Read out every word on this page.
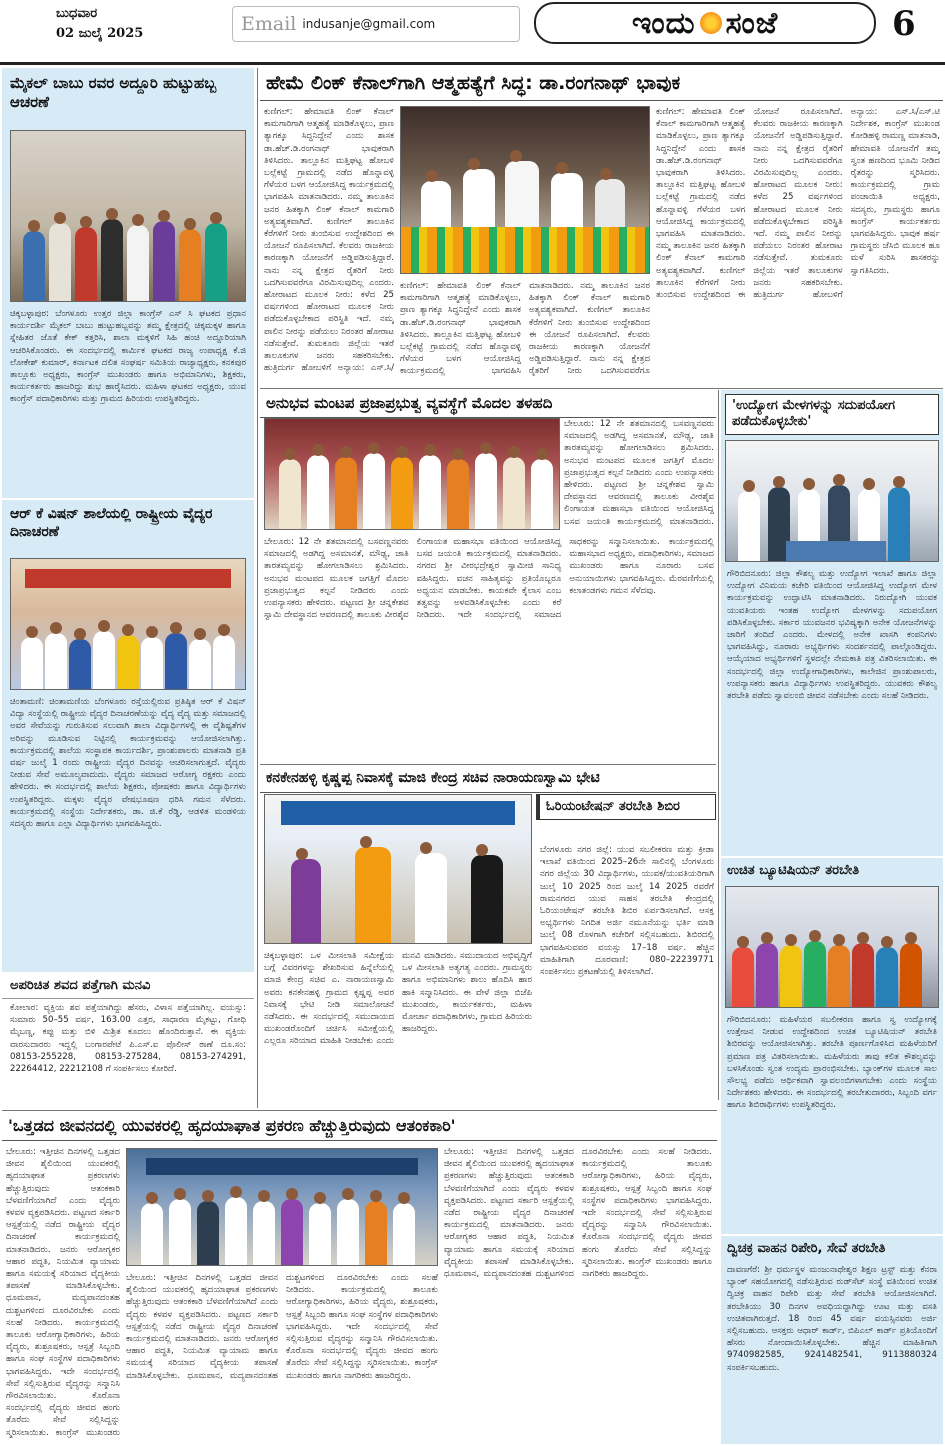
ಬುಧವಾರ
02 ಜುಲೈ 2025	Email indusanje@gmail.com	ಇಂದು ಸಂಜೆ	6
ಮೈಕಲ್ ಬಾಬು ರವರ ಅದ್ದೂರಿ ಹುಟ್ಟುಹಬ್ಬ ಆಚರಣೆ
ಚಿಕ್ಕಬಳ್ಳಾಪುರ: ಬೆಂಗಳೂರು ಉತ್ತರ ಜಿಲ್ಲಾ ಕಾಂಗ್ರೆಸ್ ಎಸ್ ಸಿ ಘಟಕದ ಪ್ರಧಾನ ಕಾರ್ಯದರ್ಶಿ ಮೈಕಲ್ ಬಾಬು ಹುಟ್ಟುಹಬ್ಬವನ್ನು ತಮ್ಮ ಕ್ಷೇತ್ರದಲ್ಲಿ ಚಿಕ್ಕಮಕ್ಕಳ ಹಾಗೂ ಸ್ನೇಹಿತರ ಜೊತೆ ಕೇಕ್ ಕತ್ತರಿಸಿ, ಶಾಲಾ ಮಕ್ಕಳಿಗೆ ಸಿಹಿ ಹಂಚಿ ಅದ್ದೂರಿಯಾಗಿ ಆಚರಿಸಿಕೊಂಡರು. ಈ ಸಂದರ್ಭದಲ್ಲಿ ಕಾರ್ಮಿಕ ಘಟಕದ ರಾಜ್ಯ ಉಪಾಧ್ಯಕ್ಷ ಕೆ.ಜಿ ಲೋಕೇಶ್ ಕುಮಾರ್, ಕರ್ನಾಟಕ ದಲಿತ ಸಂಘರ್ಷ ಸಮಿತಿಯ ರಾಜ್ಯಾಧ್ಯಕ್ಷರು, ಕನಕಪುರ ತಾಲ್ಲೂಕು ಅಧ್ಯಕ್ಷರು, ಕಾಂಗ್ರೆಸ್ ಮುಖಂಡರು ಹಾಗೂ ಅಭಿಮಾನಿಗಳು, ಶಿಕ್ಷಕರು, ಕಾರ್ಯಕರ್ತರು ಹಾಜರಿದ್ದು ಶುಭ ಹಾರೈಸಿದರು. ಮಹಿಳಾ ಘಟಕದ ಅಧ್ಯಕ್ಷರು, ಯುವ ಕಾಂಗ್ರೆಸ್ ಪದಾಧಿಕಾರಿಗಳು ಮತ್ತು ಗ್ರಾಮದ ಹಿರಿಯರು ಉಪಸ್ಥಿತರಿದ್ದರು.
ಆರ್ ಕೆ ವಿಷನ್ ಶಾಲೆಯಲ್ಲಿ ರಾಷ್ಟ್ರೀಯ ವೈದ್ಯರ ದಿನಾಚರಣೆ
ಚಿಂತಾಮಣಿ: ಚಿಂತಾಮಣಿಯ ಬೆಂಗಳೂರು ರಸ್ತೆಯಲ್ಲಿರುವ ಪ್ರತಿಷ್ಠಿತ ಆರ್ ಕೆ ವಿಷನ್ ವಿದ್ಯಾ ಸಂಸ್ಥೆಯಲ್ಲಿ ರಾಷ್ಟ್ರೀಯ ವೈದ್ಯರ ದಿನಾಚರಣೆಯನ್ನು ವೈದ್ಯ ವೈದ್ಯ ಮತ್ತು ಸಮಾಜದಲ್ಲಿ ಅವರ ಸೇವೆಯನ್ನು ಗುರುತಿಸುವ ಸಲುವಾಗಿ ಶಾಲಾ ವಿದ್ಯಾರ್ಥಿಗಳಲ್ಲಿ ಈ ವೈಶಿಷ್ಟತೆಗಳ ಅರಿವನ್ನು ಮೂಡಿಸುವ ನಿಟ್ಟಿನಲ್ಲಿ ಕಾರ್ಯಕ್ರಮವನ್ನು ಆಯೋಜಿಸಲಾಗಿತ್ತು. ಕಾರ್ಯಕ್ರಮದಲ್ಲಿ ಶಾಲೆಯ ಸಂಸ್ಥಾಪಕ ಕಾರ್ಯದರ್ಶಿ, ಪ್ರಾಂಶುಪಾಲರು ಮಾತನಾಡಿ ಪ್ರತಿ ವರ್ಷ ಜುಲೈ 1 ರಂದು ರಾಷ್ಟ್ರೀಯ ವೈದ್ಯರ ದಿನವನ್ನು ಆಚರಿಸಲಾಗುತ್ತದೆ. ವೈದ್ಯರು ನೀಡುವ ಸೇವೆ ಅಮೂಲ್ಯವಾದುದು. ವೈದ್ಯರು ಸಮಾಜದ ಆರೋಗ್ಯ ರಕ್ಷಕರು ಎಂದು ಹೇಳಿದರು. ಈ ಸಂದರ್ಭದಲ್ಲಿ ಶಾಲೆಯ ಶಿಕ್ಷಕರು, ಪೋಷಕರು ಹಾಗೂ ವಿದ್ಯಾರ್ಥಿಗಳು ಉಪಸ್ಥಿತರಿದ್ದರು. ಮಕ್ಕಳು ವೈದ್ಯರ ವೇಷಭೂಷಣ ಧರಿಸಿ ಗಮನ ಸೆಳೆದರು. ಕಾರ್ಯಕ್ರಮದಲ್ಲಿ ಸಂಸ್ಥೆಯ ನಿರ್ದೇಶಕರು, ಡಾ. ಜಿ.ಕೆ ರೆಡ್ಡಿ, ಆಡಳಿತ ಮಂಡಳಿಯ ಸದಸ್ಯರು ಹಾಗೂ ಎಲ್ಲಾ ವಿದ್ಯಾರ್ಥಿಗಳು ಭಾಗವಹಿಸಿದ್ದರು.
ಅಪರಿಚಿತ ಶವದ ಪತ್ತೆಗಾಗಿ ಮನವಿ
ಕೋಲಾರ: ವ್ಯಕ್ತಿಯ ಶವ ಪತ್ತೆಯಾಗಿದ್ದು ಹೆಸರು, ವಿಳಾಸ ಪತ್ತೆಯಾಗಿಲ್ಲ. ವಯಸ್ಸು: ಸುಮಾರು 50–55 ವರ್ಷ, 163.00 ಎತ್ತರ, ಸಾಧಾರಣ ಮೈಕಟ್ಟು, ಗೋಧಿ ಮೈಬಣ್ಣ, ಕಪ್ಪು ಮತ್ತು ಬಿಳಿ ಮಿಶ್ರಿತ ಕೂದಲು ಹೊಂದಿರುತ್ತಾನೆ. ಈ ವ್ಯಕ್ತಿಯ ವಾರಸುದಾರರು ಇದ್ದಲ್ಲಿ ಬಂಗಾರಪೇಟೆ ಪಿ.ಎಸ್.ಐ ಪೊಲೀಸ್ ಠಾಣೆ ದೂ.ಸಂ: 08153-255228, 08153-275284, 08153-274291, 22264412, 22212108 ಗೆ ಸಂಪರ್ಕಿಸಲು ಕೋರಿದೆ.
ಹೇಮೆ ಲಿಂಕ್ ಕೆನಾಲ್‌ಗಾಗಿ ಆತ್ಮಹತ್ಯೆಗೆ ಸಿದ್ಧ: ಡಾ.ರಂಗನಾಥ್ ಭಾವುಕ
ಕುಣಿಗಲ್: ಹೇಮಾವತಿ ಲಿಂಕ್ ಕೆನಾಲ್ ಕಾಮಗಾರಿಗಾಗಿ ಆತ್ಮಹತ್ಯೆ ಮಾಡಿಕೊಳ್ಳಲು, ಪ್ರಾಣ ತ್ಯಾಗಕ್ಕೂ ಸಿದ್ಧನಿದ್ದೇನೆ ಎಂದು ಶಾಸಕ ಡಾ.ಹೆಚ್.ಡಿ.ರಂಗನಾಥ್ ಭಾವುಕರಾಗಿ ತಿಳಿಸಿದರು. ತಾಲ್ಲೂಕಿನ ಮತ್ತಿಘಟ್ಟ ಹೋಬಳಿ ಬಲ್ಲೆಕಟ್ಟೆ ಗ್ರಾಮದಲ್ಲಿ ನಡೆದ ಹೊನ್ನಾವಳ್ಳಿ ಗೆಳೆಯರ ಬಳಗ ಆಯೋಜಿಸಿದ್ದ ಕಾರ್ಯಕ್ರಮದಲ್ಲಿ ಭಾಗವಹಿಸಿ ಮಾತನಾಡಿದರು. ನಮ್ಮ ತಾಲೂಕಿನ ಜನರ ಹಿತಕ್ಕಾಗಿ ಲಿಂಕ್ ಕೆನಾಲ್ ಕಾಮಗಾರಿ ಅತ್ಯವಶ್ಯಕವಾಗಿದೆ. ಕುಣಿಗಲ್ ತಾಲೂಕಿನ ಕೆರೆಗಳಿಗೆ ನೀರು ತುಂಬಿಸುವ ಉದ್ದೇಶದಿಂದ ಈ ಯೋಜನೆ ರೂಪಿಸಲಾಗಿದೆ. ಕೆಲವರು ರಾಜಕೀಯ ಕಾರಣಕ್ಕಾಗಿ ಯೋಜನೆಗೆ ಅಡ್ಡಿಪಡಿಸುತ್ತಿದ್ದಾರೆ. ನಾನು ನನ್ನ ಕ್ಷೇತ್ರದ ರೈತರಿಗೆ ನೀರು ಒದಗಿಸುವವರೆಗೂ ವಿರಮಿಸುವುದಿಲ್ಲ ಎಂದರು. ಹೋರಾಟದ ಮೂಲಕ ನೀರು: ಕಳೆದ 25 ವರ್ಷಗಳಿಂದ ಹೋರಾಟದ ಮೂಲಕ ನೀರು ಪಡೆದುಕೊಳ್ಳಬೇಕಾದ ಪರಿಸ್ಥಿತಿ ಇದೆ. ನಮ್ಮ ಪಾಲಿನ ನೀರನ್ನು ಪಡೆಯಲು ನಿರಂತರ ಹೋರಾಟ ನಡೆಸುತ್ತೇವೆ. ತುಮಕೂರು ಜಿಲ್ಲೆಯ ಇತರೆ ತಾಲೂಕುಗಳ ಜನರು ಸಹಕರಿಸಬೇಕು. ಹುತ್ರಿದುರ್ಗ ಹೋಬಳಿಗೆ ಅನ್ಯಾಯ: ಎಸ್.ಸಿ/
ಕುಣಿಗಲ್: ಹೇಮಾವತಿ ಲಿಂಕ್ ಕೆನಾಲ್ ಕಾಮಗಾರಿಗಾಗಿ ಆತ್ಮಹತ್ಯೆ ಮಾಡಿಕೊಳ್ಳಲು, ಪ್ರಾಣ ತ್ಯಾಗಕ್ಕೂ ಸಿದ್ಧನಿದ್ದೇನೆ ಎಂದು ಶಾಸಕ ಡಾ.ಹೆಚ್.ಡಿ.ರಂಗನಾಥ್ ಭಾವುಕರಾಗಿ ತಿಳಿಸಿದರು. ತಾಲ್ಲೂಕಿನ ಮತ್ತಿಘಟ್ಟ ಹೋಬಳಿ ಬಲ್ಲೆಕಟ್ಟೆ ಗ್ರಾಮದಲ್ಲಿ ನಡೆದ ಹೊನ್ನಾವಳ್ಳಿ ಗೆಳೆಯರ ಬಳಗ ಆಯೋಜಿಸಿದ್ದ ಕಾರ್ಯಕ್ರಮದಲ್ಲಿ ಭಾಗವಹಿಸಿ ಮಾತನಾಡಿದರು. ನಮ್ಮ ತಾಲೂಕಿನ ಜನರ ಹಿತಕ್ಕಾಗಿ ಲಿಂಕ್ ಕೆನಾಲ್ ಕಾಮಗಾರಿ ಅತ್ಯವಶ್ಯಕವಾಗಿದೆ. ಕುಣಿಗಲ್ ತಾಲೂಕಿನ ಕೆರೆಗಳಿಗೆ ನೀರು ತುಂಬಿಸುವ ಉದ್ದೇಶದಿಂದ ಈ ಯೋಜನೆ ರೂಪಿಸಲಾಗಿದೆ. ಕೆಲವರು ರಾಜಕೀಯ ಕಾರಣಕ್ಕಾಗಿ ಯೋಜನೆಗೆ ಅಡ್ಡಿಪಡಿಸುತ್ತಿದ್ದಾರೆ. ನಾನು ನನ್ನ ಕ್ಷೇತ್ರದ ರೈತರಿಗೆ ನೀರು ಒದಗಿಸುವವರೆಗೂ ವಿರಮಿಸುವುದಿಲ್ಲ ಎಂದರು. ಹೋರಾಟದ ಮೂಲಕ ನೀರು: ಕಳೆದ 25 ವರ್ಷಗಳಿಂದ ಹೋರಾಟದ ಮೂಲಕ ನೀರು ಪಡೆದುಕೊಳ್ಳಬೇಕಾದ ಪರಿಸ್ಥಿತಿ ಇದೆ. ನಮ್ಮ ಪಾಲಿನ ನೀರನ್ನು ಪಡೆಯಲು ನಿರಂತರ ಹೋರಾಟ ನಡೆಸುತ್ತೇವೆ. ತುಮಕೂರು ಜಿಲ್ಲೆಯ ಇತರೆ ತಾಲೂಕುಗಳ ಜನರು ಸಹಕರಿಸಬೇಕು. ಹುತ್ರಿದುರ್ಗ ಹೋಬಳಿಗೆ ಅನ್ಯಾಯ: ಎಸ್.ಸಿ/ಎಸ್.ಟಿ ನಿರ್ದೇಶಕ, ಕಾಂಗ್ರೆಸ್ ಮುಖಂಡ ಕೋಡಿಹಳ್ಳಿ ರಾಮಣ್ಣ ಮಾತನಾಡಿ, ಹೇಮಾವತಿ ಯೋಜನೆಗೆ ತಮ್ಮ ಸ್ವಂತ ಹಣದಿಂದ ಭೂಮಿ ನೀಡಿದ ರೈತರನ್ನು ಸ್ಮರಿಸಿದರು. ಕಾರ್ಯಕ್ರಮದಲ್ಲಿ ಗ್ರಾಮ ಪಂಚಾಯಿತಿ ಅಧ್ಯಕ್ಷರು, ಸದಸ್ಯರು, ಗ್ರಾಮಸ್ಥರು ಹಾಗೂ ಕಾಂಗ್ರೆಸ್ ಕಾರ್ಯಕರ್ತರು ಭಾಗವಹಿಸಿದ್ದರು. ಭಾವುಕ ಹರ್ಷ ಗ್ರಾಮಸ್ಥರು ಜೆಸಿಬಿ ಮೂಲಕ ಹೂ ಮಳೆ ಸುರಿಸಿ ಶಾಸಕರನ್ನು ಸ್ವಾಗತಿಸಿದರು.
ಕುಣಿಗಲ್: ಹೇಮಾವತಿ ಲಿಂಕ್ ಕೆನಾಲ್ ಕಾಮಗಾರಿಗಾಗಿ ಆತ್ಮಹತ್ಯೆ ಮಾಡಿಕೊಳ್ಳಲು, ಪ್ರಾಣ ತ್ಯಾಗಕ್ಕೂ ಸಿದ್ಧನಿದ್ದೇನೆ ಎಂದು ಶಾಸಕ ಡಾ.ಹೆಚ್.ಡಿ.ರಂಗನಾಥ್ ಭಾವುಕರಾಗಿ ತಿಳಿಸಿದರು. ತಾಲ್ಲೂಕಿನ ಮತ್ತಿಘಟ್ಟ ಹೋಬಳಿ ಬಲ್ಲೆಕಟ್ಟೆ ಗ್ರಾಮದಲ್ಲಿ ನಡೆದ ಹೊನ್ನಾವಳ್ಳಿ ಗೆಳೆಯರ ಬಳಗ ಆಯೋಜಿಸಿದ್ದ ಕಾರ್ಯಕ್ರಮದಲ್ಲಿ ಭಾಗವಹಿಸಿ ಮಾತನಾಡಿದರು. ನಮ್ಮ ತಾಲೂಕಿನ ಜನರ ಹಿತಕ್ಕಾಗಿ ಲಿಂಕ್ ಕೆನಾಲ್ ಕಾಮಗಾರಿ ಅತ್ಯವಶ್ಯಕವಾಗಿದೆ. ಕುಣಿಗಲ್ ತಾಲೂಕಿನ ಕೆರೆಗಳಿಗೆ ನೀರು ತುಂಬಿಸುವ ಉದ್ದೇಶದಿಂದ ಈ ಯೋಜನೆ ರೂಪಿಸಲಾಗಿದೆ. ಕೆಲವರು ರಾಜಕೀಯ ಕಾರಣಕ್ಕಾಗಿ ಯೋಜನೆಗೆ ಅಡ್ಡಿಪಡಿಸುತ್ತಿದ್ದಾರೆ. ನಾನು ನನ್ನ ಕ್ಷೇತ್ರದ ರೈತರಿಗೆ ನೀರು ಒದಗಿಸುವವರೆಗೂ
ಅನುಭವ ಮಂಟಪ ಪ್ರಜಾಪ್ರಭುತ್ವ ವ್ಯವಸ್ಥೆಗೆ ಮೊದಲ ತಳಹದಿ
ಬೇಲೂರು: 12 ನೇ ಶತಮಾನದಲ್ಲಿ ಬಸವಣ್ಣನವರು ಸಮಾಜದಲ್ಲಿ ಅಡಗಿದ್ದ ಅಸಮಾನತೆ, ಮೌಢ್ಯ, ಜಾತಿ ತಾರತಮ್ಯವನ್ನು ಹೋಗಲಾಡಿಸಲು ಶ್ರಮಿಸಿದರು. ಅನುಭವ ಮಂಟಪದ ಮೂಲಕ ಜಗತ್ತಿಗೆ ಮೊದಲ ಪ್ರಜಾಪ್ರಭುತ್ವದ ಕಲ್ಪನೆ ನೀಡಿದರು ಎಂದು ಉಪನ್ಯಾಸಕರು ಹೇಳಿದರು. ಪಟ್ಟಣದ ಶ್ರೀ ಚನ್ನಕೇಶವ ಸ್ವಾಮಿ ದೇವಸ್ಥಾನದ ಆವರಣದಲ್ಲಿ ತಾಲೂಕು ವೀರಶೈವ ಲಿಂಗಾಯತ ಮಹಾಸಭಾ ವತಿಯಿಂದ ಆಯೋಜಿಸಿದ್ದ ಬಸವ ಜಯಂತಿ ಕಾರ್ಯಕ್ರಮದಲ್ಲಿ ಮಾತನಾಡಿದರು.
ಬೇಲೂರು: 12 ನೇ ಶತಮಾನದಲ್ಲಿ ಬಸವಣ್ಣನವರು ಸಮಾಜದಲ್ಲಿ ಅಡಗಿದ್ದ ಅಸಮಾನತೆ, ಮೌಢ್ಯ, ಜಾತಿ ತಾರತಮ್ಯವನ್ನು ಹೋಗಲಾಡಿಸಲು ಶ್ರಮಿಸಿದರು. ಅನುಭವ ಮಂಟಪದ ಮೂಲಕ ಜಗತ್ತಿಗೆ ಮೊದಲ ಪ್ರಜಾಪ್ರಭುತ್ವದ ಕಲ್ಪನೆ ನೀಡಿದರು ಎಂದು ಉಪನ್ಯಾಸಕರು ಹೇಳಿದರು. ಪಟ್ಟಣದ ಶ್ರೀ ಚನ್ನಕೇಶವ ಸ್ವಾಮಿ ದೇವಸ್ಥಾನದ ಆವರಣದಲ್ಲಿ ತಾಲೂಕು ವೀರಶೈವ ಲಿಂಗಾಯತ ಮಹಾಸಭಾ ವತಿಯಿಂದ ಆಯೋಜಿಸಿದ್ದ ಬಸವ ಜಯಂತಿ ಕಾರ್ಯಕ್ರಮದಲ್ಲಿ ಮಾತನಾಡಿದರು. ನಗರದ ಶ್ರೀ ವೀರಭದ್ರೇಶ್ವರ ಸ್ವಾಮೀಜಿ ಸಾನಿಧ್ಯ ವಹಿಸಿದ್ದರು. ವಚನ ಸಾಹಿತ್ಯವನ್ನು ಪ್ರತಿಯೊಬ್ಬರೂ ಅಧ್ಯಯನ ಮಾಡಬೇಕು. ಕಾಯಕವೇ ಕೈಲಾಸ ಎಂಬ ತತ್ವವನ್ನು ಅಳವಡಿಸಿಕೊಳ್ಳಬೇಕು ಎಂದು ಕರೆ ನೀಡಿದರು. ಇದೇ ಸಂದರ್ಭದಲ್ಲಿ ಸಮಾಜದ ಸಾಧಕರನ್ನು ಸನ್ಮಾನಿಸಲಾಯಿತು. ಕಾರ್ಯಕ್ರಮದಲ್ಲಿ ಮಹಾಸಭಾದ ಅಧ್ಯಕ್ಷರು, ಪದಾಧಿಕಾರಿಗಳು, ಸಮಾಜದ ಮುಖಂಡರು ಹಾಗೂ ನೂರಾರು ಬಸವ ಅನುಯಾಯಿಗಳು ಭಾಗವಹಿಸಿದ್ದರು. ಮೆರವಣಿಗೆಯಲ್ಲಿ ಕಲಾತಂಡಗಳು ಗಮನ ಸೆಳೆದವು.
'ಉದ್ಯೋಗ ಮೇಳಗಳನ್ನು ಸದುಪಯೋಗ ಪಡೆದುಕೊಳ್ಳಬೇಕು'
ಗೌರಿಬಿದನೂರು: ಜಿಲ್ಲಾ ಕೌಶಲ್ಯ ಮತ್ತು ಉದ್ಯೋಗ ಇಲಾಖೆ ಹಾಗೂ ಜಿಲ್ಲಾ ಉದ್ಯೋಗ ವಿನಿಮಯ ಕಚೇರಿ ವತಿಯಿಂದ ಆಯೋಜಿಸಿದ್ದ ಉದ್ಯೋಗ ಮೇಳ ಕಾರ್ಯಕ್ರಮವನ್ನು ಉದ್ಘಾಟಿಸಿ ಮಾತನಾಡಿದರು. ನಿರುದ್ಯೋಗಿ ಯುವಕ ಯುವತಿಯರು ಇಂತಹ ಉದ್ಯೋಗ ಮೇಳಗಳನ್ನು ಸದುಪಯೋಗ ಪಡಿಸಿಕೊಳ್ಳಬೇಕು. ಸರ್ಕಾರ ಯುವಜನರ ಭವಿಷ್ಯಕ್ಕಾಗಿ ಅನೇಕ ಯೋಜನೆಗಳನ್ನು ಜಾರಿಗೆ ತಂದಿದೆ ಎಂದರು. ಮೇಳದಲ್ಲಿ ಅನೇಕ ಖಾಸಗಿ ಕಂಪನಿಗಳು ಭಾಗವಹಿಸಿದ್ದು, ನೂರಾರು ಅಭ್ಯರ್ಥಿಗಳು ಸಂದರ್ಶನದಲ್ಲಿ ಪಾಲ್ಗೊಂಡಿದ್ದರು. ಆಯ್ಕೆಯಾದ ಅಭ್ಯರ್ಥಿಗಳಿಗೆ ಸ್ಥಳದಲ್ಲೇ ನೇಮಕಾತಿ ಪತ್ರ ವಿತರಿಸಲಾಯಿತು. ಈ ಸಂದರ್ಭದಲ್ಲಿ ಜಿಲ್ಲಾ ಉದ್ಯೋಗಾಧಿಕಾರಿಗಳು, ಕಾಲೇಜಿನ ಪ್ರಾಂಶುಪಾಲರು, ಉಪನ್ಯಾಸಕರು ಹಾಗೂ ವಿದ್ಯಾರ್ಥಿಗಳು ಉಪಸ್ಥಿತರಿದ್ದರು. ಯುವಕರು ಕೌಶಲ್ಯ ತರಬೇತಿ ಪಡೆದು ಸ್ವಾವಲಂಬಿ ಜೀವನ ನಡೆಸಬೇಕು ಎಂದು ಸಲಹೆ ನೀಡಿದರು.
ಕನಕೇನಹಳ್ಳಿ ಕೃಷ್ಣಪ್ಪ ನಿವಾಸಕ್ಕೆ ಮಾಜಿ ಕೇಂದ್ರ ಸಚಿವ ನಾರಾಯಣಸ್ವಾಮಿ ಭೇಟಿ
ಚಿಕ್ಕಬಳ್ಳಾಪುರ: ಒಳ ಮೀಸಲಾತಿ ಸಮೀಕ್ಷೆಯ ಬಗ್ಗೆ ವಿವರಗಳನ್ನು ಶೇಖರಿಸುವ ಹಿನ್ನೆಲೆಯಲ್ಲಿ ಮಾಜಿ ಕೇಂದ್ರ ಸಚಿವ ಎ. ನಾರಾಯಣಸ್ವಾಮಿ ಅವರು ಕನಕೇನಹಳ್ಳಿ ಗ್ರಾಮದ ಕೃಷ್ಣಪ್ಪ ಅವರ ನಿವಾಸಕ್ಕೆ ಭೇಟಿ ನೀಡಿ ಸಮಾಲೋಚನೆ ನಡೆಸಿದರು. ಈ ಸಂದರ್ಭದಲ್ಲಿ ಸಮುದಾಯದ ಮುಖಂಡರೊಂದಿಗೆ ಚರ್ಚಿಸಿ ಸಮೀಕ್ಷೆಯಲ್ಲಿ ಎಲ್ಲರೂ ಸರಿಯಾದ ಮಾಹಿತಿ ನೀಡಬೇಕು ಎಂದು ಮನವಿ ಮಾಡಿದರು. ಸಮುದಾಯದ ಅಭಿವೃದ್ಧಿಗೆ ಒಳ ಮೀಸಲಾತಿ ಅತ್ಯಗತ್ಯ ಎಂದರು. ಗ್ರಾಮಸ್ಥರು ಹಾಗೂ ಅಭಿಮಾನಿಗಳು ಶಾಲು ಹೊದಿಸಿ ಹಾರ ಹಾಕಿ ಸನ್ಮಾನಿಸಿದರು. ಈ ವೇಳೆ ಜಿಲ್ಲಾ ಬಿಜೆಪಿ ಮುಖಂಡರು, ಕಾರ್ಯಕರ್ತರು, ಮಹಿಳಾ ಮೋರ್ಚಾ ಪದಾಧಿಕಾರಿಗಳು, ಗ್ರಾಮದ ಹಿರಿಯರು ಹಾಜರಿದ್ದರು.
ಓರಿಯಂಟೇಷನ್ ತರಬೇತಿ ಶಿಬಿರ
ಬೆಂಗಳೂರು ನಗರ ಜಿಲ್ಲೆ: ಯುವ ಸಬಲೀಕರಣ ಮತ್ತು ಕ್ರೀಡಾ ಇಲಾಖೆ ವತಿಯಿಂದ 2025–26ನೇ ಸಾಲಿನಲ್ಲಿ ಬೆಂಗಳೂರು ನಗರ ಜಿಲ್ಲೆಯ 30 ವಿದ್ಯಾರ್ಥಿಗಳು, ಯುವಕ/ಯುವತಿಯರಿಗಾಗಿ ಜುಲೈ 10 2025 ರಿಂದ ಜುಲೈ 14 2025 ರವರೆಗೆ ರಾಮನಗರದ ಯುವ ಸಾಹಸ ತರಬೇತಿ ಕೇಂದ್ರದಲ್ಲಿ ಓರಿಯಂಟೇಷನ್ ತರಬೇತಿ ಶಿಬಿರ ಏರ್ಪಡಿಸಲಾಗಿದೆ. ಆಸಕ್ತ ಅಭ್ಯರ್ಥಿಗಳು ನಿಗದಿತ ಅರ್ಜಿ ನಮೂನೆಯನ್ನು ಭರ್ತಿ ಮಾಡಿ ಜುಲೈ 08 ರೊಳಗಾಗಿ ಕಚೇರಿಗೆ ಸಲ್ಲಿಸಬಹುದು. ಶಿಬಿರದಲ್ಲಿ ಭಾಗವಹಿಸುವವರ ವಯಸ್ಸು 17–18 ವರ್ಷ. ಹೆಚ್ಚಿನ ಮಾಹಿತಿಗಾಗಿ ದೂರವಾಣಿ: 080–22239771 ಸಂಪರ್ಕಿಸಲು ಪ್ರಕಟಣೆಯಲ್ಲಿ ತಿಳಿಸಲಾಗಿದೆ.
ಉಚಿತ ಬ್ಯೂಟಿಷಿಯನ್ ತರಬೇತಿ
ಗೌರಿಬಿದನೂರು: ಮಹಿಳೆಯರ ಸಬಲೀಕರಣ ಹಾಗೂ ಸ್ವ ಉದ್ಯೋಗಕ್ಕೆ ಉತ್ತೇಜನ ನೀಡುವ ಉದ್ದೇಶದಿಂದ ಉಚಿತ ಬ್ಯೂಟಿಷಿಯನ್ ತರಬೇತಿ ಶಿಬಿರವನ್ನು ಆಯೋಜಿಸಲಾಗಿತ್ತು. ತರಬೇತಿ ಪೂರ್ಣಗೊಳಿಸಿದ ಮಹಿಳೆಯರಿಗೆ ಪ್ರಮಾಣ ಪತ್ರ ವಿತರಿಸಲಾಯಿತು. ಮಹಿಳೆಯರು ತಾವು ಕಲಿತ ಕೌಶಲ್ಯವನ್ನು ಬಳಸಿಕೊಂಡು ಸ್ವಂತ ಉದ್ಯಮ ಪ್ರಾರಂಭಿಸಬೇಕು. ಬ್ಯಾಂಕ್‌ಗಳ ಮೂಲಕ ಸಾಲ ಸೌಲಭ್ಯ ಪಡೆದು ಆರ್ಥಿಕವಾಗಿ ಸ್ವಾವಲಂಬಿಗಳಾಗಬೇಕು ಎಂದು ಸಂಸ್ಥೆಯ ನಿರ್ದೇಶಕರು ಹೇಳಿದರು. ಈ ಸಂದರ್ಭದಲ್ಲಿ ತರಬೇತುದಾರರು, ಸಿಬ್ಬಂದಿ ವರ್ಗ ಹಾಗೂ ಶಿಬಿರಾರ್ಥಿಗಳು ಉಪಸ್ಥಿತರಿದ್ದರು.
'ಒತ್ತಡದ ಜೀವನದಲ್ಲಿ ಯುವಕರಲ್ಲಿ ಹೃದಯಾಘಾತ ಪ್ರಕರಣ ಹೆಚ್ಚುತ್ತಿರುವುದು ಆತಂಕಕಾರಿ'
ಬೇಲೂರು: ಇತ್ತೀಚಿನ ದಿನಗಳಲ್ಲಿ ಒತ್ತಡದ ಜೀವನ ಶೈಲಿಯಿಂದ ಯುವಕರಲ್ಲಿ ಹೃದಯಾಘಾತ ಪ್ರಕರಣಗಳು ಹೆಚ್ಚುತ್ತಿರುವುದು ಆತಂಕಕಾರಿ ಬೆಳವಣಿಗೆಯಾಗಿದೆ ಎಂದು ವೈದ್ಯರು ಕಳವಳ ವ್ಯಕ್ತಪಡಿಸಿದರು. ಪಟ್ಟಣದ ಸರ್ಕಾರಿ ಆಸ್ಪತ್ರೆಯಲ್ಲಿ ನಡೆದ ರಾಷ್ಟ್ರೀಯ ವೈದ್ಯರ ದಿನಾಚರಣೆ ಕಾರ್ಯಕ್ರಮದಲ್ಲಿ ಮಾತನಾಡಿದರು. ಜನರು ಆರೋಗ್ಯಕರ ಆಹಾರ ಪದ್ಧತಿ, ನಿಯಮಿತ ವ್ಯಾಯಾಮ ಹಾಗೂ ಸಮಯಕ್ಕೆ ಸರಿಯಾದ ವೈದ್ಯಕೀಯ ತಪಾಸಣೆ ಮಾಡಿಸಿಕೊಳ್ಳಬೇಕು. ಧೂಮಪಾನ, ಮದ್ಯಪಾನದಂತಹ ದುಶ್ಚಟಗಳಿಂದ ದೂರವಿರಬೇಕು ಎಂದು ಸಲಹೆ ನೀಡಿದರು. ಕಾರ್ಯಕ್ರಮದಲ್ಲಿ ತಾಲೂಕು ಆರೋಗ್ಯಾಧಿಕಾರಿಗಳು, ಹಿರಿಯ ವೈದ್ಯರು, ಶುಶ್ರೂಷಕರು, ಆಸ್ಪತ್ರೆ ಸಿಬ್ಬಂದಿ ಹಾಗೂ ಸಂಘ ಸಂಸ್ಥೆಗಳ ಪದಾಧಿಕಾರಿಗಳು ಭಾಗವಹಿಸಿದ್ದರು. ಇದೇ ಸಂದರ್ಭದಲ್ಲಿ ಸೇವೆ ಸಲ್ಲಿಸುತ್ತಿರುವ ವೈದ್ಯರನ್ನು ಸನ್ಮಾನಿಸಿ ಗೌರವಿಸಲಾಯಿತು. ಕೊರೊನಾ ಸಂದರ್ಭದಲ್ಲಿ ವೈದ್ಯರು ಜೀವದ ಹಂಗು ತೊರೆದು ಸೇವೆ ಸಲ್ಲಿಸಿದ್ದನ್ನು ಸ್ಮರಿಸಲಾಯಿತು. ಕಾಂಗ್ರೆಸ್ ಮುಖಂಡರು
ಬೇಲೂರು: ಇತ್ತೀಚಿನ ದಿನಗಳಲ್ಲಿ ಒತ್ತಡದ ಜೀವನ ಶೈಲಿಯಿಂದ ಯುವಕರಲ್ಲಿ ಹೃದಯಾಘಾತ ಪ್ರಕರಣಗಳು ಹೆಚ್ಚುತ್ತಿರುವುದು ಆತಂಕಕಾರಿ ಬೆಳವಣಿಗೆಯಾಗಿದೆ ಎಂದು ವೈದ್ಯರು ಕಳವಳ ವ್ಯಕ್ತಪಡಿಸಿದರು. ಪಟ್ಟಣದ ಸರ್ಕಾರಿ ಆಸ್ಪತ್ರೆಯಲ್ಲಿ ನಡೆದ ರಾಷ್ಟ್ರೀಯ ವೈದ್ಯರ ದಿನಾಚರಣೆ ಕಾರ್ಯಕ್ರಮದಲ್ಲಿ ಮಾತನಾಡಿದರು. ಜನರು ಆರೋಗ್ಯಕರ ಆಹಾರ ಪದ್ಧತಿ, ನಿಯಮಿತ ವ್ಯಾಯಾಮ ಹಾಗೂ ಸಮಯಕ್ಕೆ ಸರಿಯಾದ ವೈದ್ಯಕೀಯ ತಪಾಸಣೆ ಮಾಡಿಸಿಕೊಳ್ಳಬೇಕು. ಧೂಮಪಾನ, ಮದ್ಯಪಾನದಂತಹ ದುಶ್ಚಟಗಳಿಂದ ದೂರವಿರಬೇಕು ಎಂದು ಸಲಹೆ ನೀಡಿದರು. ಕಾರ್ಯಕ್ರಮದಲ್ಲಿ ತಾಲೂಕು ಆರೋಗ್ಯಾಧಿಕಾರಿಗಳು, ಹಿರಿಯ ವೈದ್ಯರು, ಶುಶ್ರೂಷಕರು, ಆಸ್ಪತ್ರೆ ಸಿಬ್ಬಂದಿ ಹಾಗೂ ಸಂಘ ಸಂಸ್ಥೆಗಳ ಪದಾಧಿಕಾರಿಗಳು ಭಾಗವಹಿಸಿದ್ದರು. ಇದೇ ಸಂದರ್ಭದಲ್ಲಿ ಸೇವೆ ಸಲ್ಲಿಸುತ್ತಿರುವ ವೈದ್ಯರನ್ನು ಸನ್ಮಾನಿಸಿ ಗೌರವಿಸಲಾಯಿತು. ಕೊರೊನಾ ಸಂದರ್ಭದಲ್ಲಿ ವೈದ್ಯರು ಜೀವದ ಹಂಗು ತೊರೆದು ಸೇವೆ ಸಲ್ಲಿಸಿದ್ದನ್ನು ಸ್ಮರಿಸಲಾಯಿತು. ಕಾಂಗ್ರೆಸ್ ಮುಖಂಡರು ಹಾಗೂ ನಾಗರಿಕರು ಹಾಜರಿದ್ದರು.
ಬೇಲೂರು: ಇತ್ತೀಚಿನ ದಿನಗಳಲ್ಲಿ ಒತ್ತಡದ ಜೀವನ ಶೈಲಿಯಿಂದ ಯುವಕರಲ್ಲಿ ಹೃದಯಾಘಾತ ಪ್ರಕರಣಗಳು ಹೆಚ್ಚುತ್ತಿರುವುದು ಆತಂಕಕಾರಿ ಬೆಳವಣಿಗೆಯಾಗಿದೆ ಎಂದು ವೈದ್ಯರು ಕಳವಳ ವ್ಯಕ್ತಪಡಿಸಿದರು. ಪಟ್ಟಣದ ಸರ್ಕಾರಿ ಆಸ್ಪತ್ರೆಯಲ್ಲಿ ನಡೆದ ರಾಷ್ಟ್ರೀಯ ವೈದ್ಯರ ದಿನಾಚರಣೆ ಕಾರ್ಯಕ್ರಮದಲ್ಲಿ ಮಾತನಾಡಿದರು. ಜನರು ಆರೋಗ್ಯಕರ ಆಹಾರ ಪದ್ಧತಿ, ನಿಯಮಿತ ವ್ಯಾಯಾಮ ಹಾಗೂ ಸಮಯಕ್ಕೆ ಸರಿಯಾದ ವೈದ್ಯಕೀಯ ತಪಾಸಣೆ ಮಾಡಿಸಿಕೊಳ್ಳಬೇಕು. ಧೂಮಪಾನ, ಮದ್ಯಪಾನದಂತಹ ದುಶ್ಚಟಗಳಿಂದ ದೂರವಿರಬೇಕು ಎಂದು ಸಲಹೆ ನೀಡಿದರು. ಕಾರ್ಯಕ್ರಮದಲ್ಲಿ ತಾಲೂಕು ಆರೋಗ್ಯಾಧಿಕಾರಿಗಳು, ಹಿರಿಯ ವೈದ್ಯರು, ಶುಶ್ರೂಷಕರು, ಆಸ್ಪತ್ರೆ ಸಿಬ್ಬಂದಿ ಹಾಗೂ ಸಂಘ ಸಂಸ್ಥೆಗಳ ಪದಾಧಿಕಾರಿಗಳು ಭಾಗವಹಿಸಿದ್ದರು. ಇದೇ ಸಂದರ್ಭದಲ್ಲಿ ಸೇವೆ ಸಲ್ಲಿಸುತ್ತಿರುವ ವೈದ್ಯರನ್ನು ಸನ್ಮಾನಿಸಿ ಗೌರವಿಸಲಾಯಿತು. ಕೊರೊನಾ ಸಂದರ್ಭದಲ್ಲಿ ವೈದ್ಯರು ಜೀವದ ಹಂಗು ತೊರೆದು ಸೇವೆ ಸಲ್ಲಿಸಿದ್ದನ್ನು ಸ್ಮರಿಸಲಾಯಿತು. ಕಾಂಗ್ರೆಸ್ ಮುಖಂಡರು ಹಾಗೂ ನಾಗರಿಕರು ಹಾಜರಿದ್ದರು.
ದ್ವಿಚಕ್ರ ವಾಹನ ರಿಪೇರಿ, ಸೇವೆ ತರಬೇತಿ
ದಾವಣಗೆರೆ: ಶ್ರೀ ಧರ್ಮಸ್ಥಳ ಮಂಜುನಾಥೇಶ್ವರ ಶಿಕ್ಷಣ ಟ್ರಸ್ಟ್ ಮತ್ತು ಕೆನರಾ ಬ್ಯಾಂಕ್ ಸಹಯೋಗದಲ್ಲಿ ನಡೆಸುತ್ತಿರುವ ರುಡ್‌ಸೆಟ್ ಸಂಸ್ಥೆ ವತಿಯಿಂದ ಉಚಿತ ದ್ವಿಚಕ್ರ ವಾಹನ ರಿಪೇರಿ ಮತ್ತು ಸೇವೆ ತರಬೇತಿ ಆಯೋಜಿಸಲಾಗಿದೆ. ತರಬೇತಿಯು 30 ದಿನಗಳ ಅವಧಿಯದ್ದಾಗಿದ್ದು ಊಟ ಮತ್ತು ವಸತಿ ಉಚಿತವಾಗಿರುತ್ತದೆ. 18 ರಿಂದ 45 ವರ್ಷ ವಯಸ್ಸಿನವರು ಅರ್ಜಿ ಸಲ್ಲಿಸಬಹುದು. ಆಸಕ್ತರು ಆಧಾರ್ ಕಾರ್ಡ್, ಬಿಪಿಎಲ್ ಕಾರ್ಡ್ ಪ್ರತಿಯೊಂದಿಗೆ ಹೆಸರು ನೋಂದಾಯಿಸಿಕೊಳ್ಳಬೇಕು. ಹೆಚ್ಚಿನ ಮಾಹಿತಿಗಾಗಿ 9740982585, 9241482541, 9113880324 ಸಂಪರ್ಕಿಸಬಹುದು.
